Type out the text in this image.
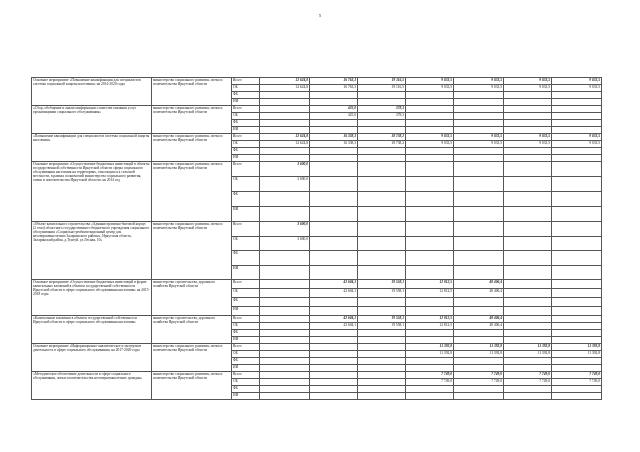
5
Основное мероприятие «Повышение квалификации для специалистов системы социальной защиты населения» на 2014-2020 годы	министерство социального развития, опеки и попечительства Иркутской области	Всего	12 624,8	16 763,3	19 116,5	9 033,5	9 033,5	9 033,5	9 033,5
		ОБ	12 624,8	16 763,3	19 116,5	9 033,5	9 033,5	9 033,5	9 033,5
		ФБ							
		ИИ							
«Сбор, обобщение и анализ информации о качестве оказания услуг организациями социального обслуживания»	министерство социального развития, опеки и попечительства Иркутской области	Всего		425,0	378,3				
		ОБ		425,0	378,3				
		ФБ							
		ИИ							
«Повышение квалификации для специалистов системы социальной защиты населения»	министерство социального развития, опеки и попечительства Иркутской области	Всего	12 624,8	16 338,3	18 738,2	9 033,5	9 033,5	9 033,5	9 033,5
		ОБ	12 624,8	16 338,3	18 738,2	9 033,5	9 033,5	9 033,5	9 033,5
		ФБ							
		ИИ							
Основное мероприятие «Осуществление бюджетных инвестиций в объекты государственной собственности Иркутской области сферы социального обслуживания населения на территориях, относящихся к сельской местности, в рамках полномочий министерства социального развития, опеки и попечительства Иркутской области» на 2014 год	министерство социального развития, опеки и попечительства Иркутской области	Всего	3 600,0						
		ОБ	3 600,0						
		ФБ							
		ИИ							
«Объект капитального строительства «Административно-бытовой корпус (2 этап) областного государственного бюджетного учреждения социального обслуживания «Социально-реабилитационный центр для несовершеннолетних Заларинского района», Иркутская область, Заларинский район, д.Тунгуй, ул.Лесная, 10»	министерство социального развития, опеки и попечительства Иркутской области	Всего	3 600,0						
		ОБ	3 600,0						
		ФБ							
		ИИ							
Основное мероприятие «Осуществление бюджетных инвестиций в форме капитальных вложений в объекты государственной собственности Иркутской области в сфере социального обслуживания населения» на 2015-2018 годы	министерство строительства, дорожного хозяйства Иркутской области	Всего		42 604,1	19 558,1	12 812,5	48 406,4		
		ОБ		42 604,1	19 558,1	12 812,5	48 406,4		
		ФБ							
		ИИ							
«Капитальные вложения в объекты государственной собственности Иркутской области в сфере социального обслуживания населения»	министерство строительства, дорожного хозяйства Иркутской области	Всего		42 604,1	19 558,1	12 812,5	48 406,4		
		ОБ		42 604,1	19 558,1	12 812,5	48 406,4		
		ФБ							
		ИИ							
Основное мероприятие «Информационно-аналитическое и экспертное деятельность в сфере социального обслуживания» на 2017-2020 годы	министерство социального развития, опеки и попечительства Иркутской области	Всего				11 392,8	11 392,8	11 392,8	11 392,8
		ОБ				11 392,8	11 392,8	11 392,8	11 392,8
		ФБ							
		ИИ							
«Методическое обеспечение деятельности в сфере социального обслуживания, опеки и попечительства несовершеннолетних граждан»	министерство социального развития, опеки и попечительства Иркутской области	Всего				7 749,0	7 749,0	7 749,0	7 749,0
		ОБ				7 749,0	7 749,0	7 749,0	7 749,0
		ФБ							
		ИИ							
